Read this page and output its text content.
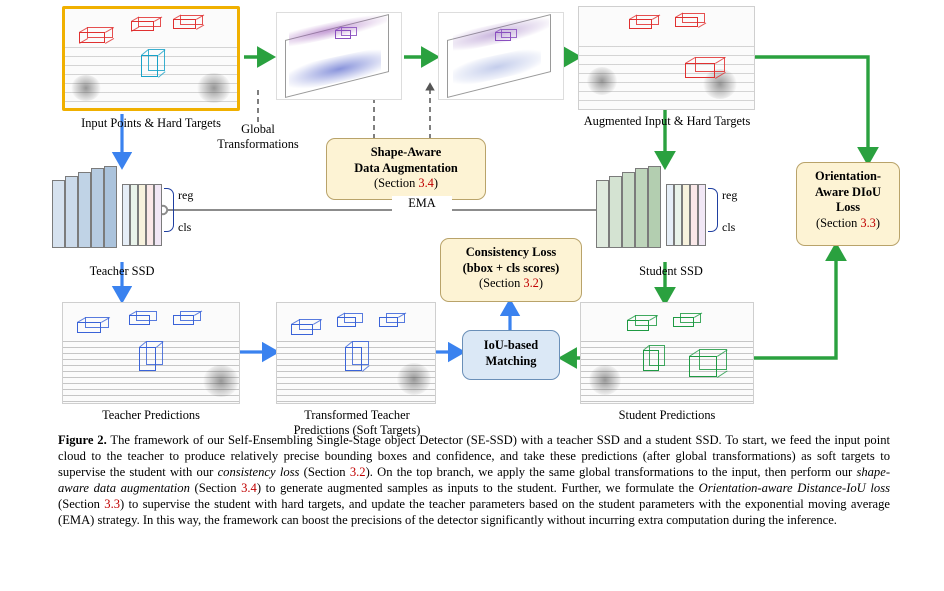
Input Points & Hard Targets	Augmented Input & Hard Targets
Shape-Aware
Data Augmentation
(Section 3.4)
Consistency Loss
(bbox + cls scores)
(Section 3.2)
Orientation-
Aware DIoU
Loss
(Section 3.3)
IoU-based
Matching
Global
Transformations
EMA
reg
cls
Teacher SSD
reg
cls
Student SSD
Teacher Predictions	Transformed Teacher
Predictions (Soft Targets)
Student Predictions
Figure 2. The framework of our Self-Ensembling Single-Stage object Detector (SE-SSD) with a teacher SSD and a student SSD. To start, we feed the input point cloud to the teacher to produce relatively precise bounding boxes and confidence, and take these predictions (after global transformations) as soft targets to supervise the student with our consistency loss (Section 3.2). On the top branch, we apply the same global transformations to the input, then perform our shape-aware data augmentation (Section 3.4) to generate augmented samples as inputs to the student. Further, we formulate the Orientation-aware Distance-IoU loss (Section 3.3) to supervise the student with hard targets, and update the teacher parameters based on the student parameters with the exponential moving average (EMA) strategy. In this way, the framework can boost the precisions of the detector significantly without incurring extra computation during the inference.
